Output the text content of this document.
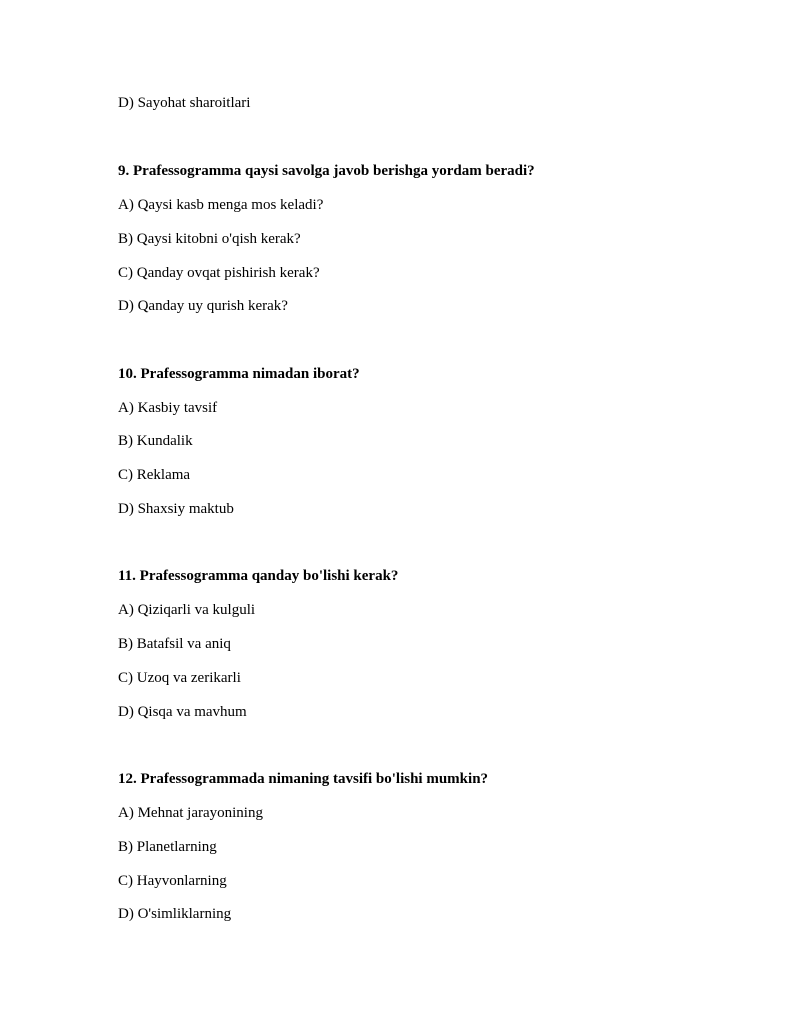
D) Sayohat sharoitlari
9. Prafessogramma qaysi savolga javob berishga yordam beradi?
A) Qaysi kasb menga mos keladi?
B) Qaysi kitobni o'qish kerak?
C) Qanday ovqat pishirish kerak?
D) Qanday uy qurish kerak?
10. Prafessogramma nimadan iborat?
A) Kasbiy tavsif
B) Kundalik
C) Reklama
D) Shaxsiy maktub
11. Prafessogramma qanday bo'lishi kerak?
A) Qiziqarli va kulguli
B) Batafsil va aniq
C) Uzoq va zerikarli
D) Qisqa va mavhum
12. Prafessogrammada nimaning tavsifi bo'lishi mumkin?
A) Mehnat jarayonining
B) Planetlarning
C) Hayvonlarning
D) O'simliklarning
